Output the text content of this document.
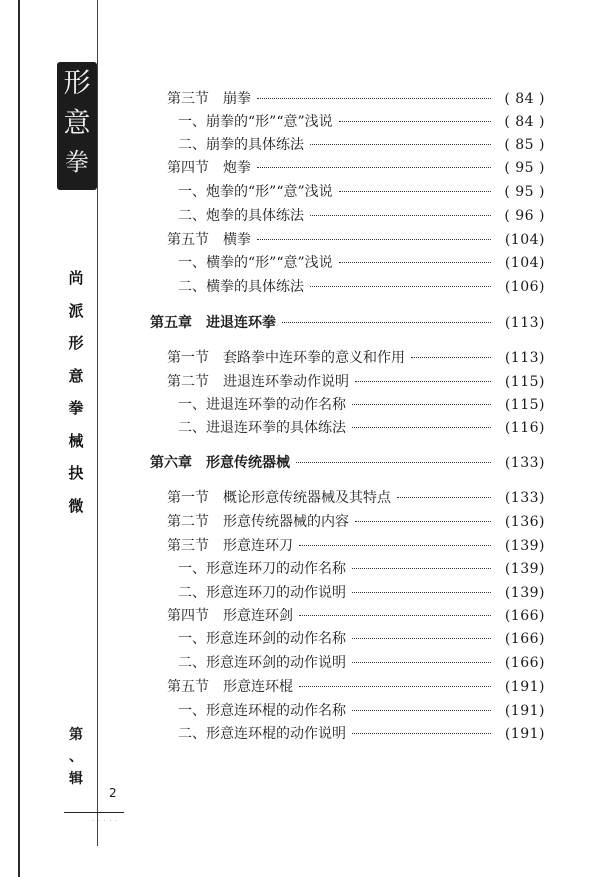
形
意
拳
尚
派
形
意
拳
械
抉
微
第
、
辑
2
· · · · ·
第三节　崩拳	( 84 )
一、崩拳的“形”“意”浅说	( 84 )
二、崩拳的具体练法	( 85 )
第四节　炮拳	( 95 )
一、炮拳的“形”“意”浅说	( 95 )
二、炮拳的具体练法	( 96 )
第五节　横拳	(104)
一、横拳的“形”“意”浅说	(104)
二、横拳的具体练法	(106)
第五章　进退连环拳	(113)
第一节　套路拳中连环拳的意义和作用	(113)
第二节　进退连环拳动作说明	(115)
一、进退连环拳的动作名称	(115)
二、进退连环拳的具体练法	(116)
第六章　形意传统器械	(133)
第一节　概论形意传统器械及其特点	(133)
第二节　形意传统器械的内容	(136)
第三节　形意连环刀	(139)
一、形意连环刀的动作名称	(139)
二、形意连环刀的动作说明	(139)
第四节　形意连环剑	(166)
一、形意连环剑的动作名称	(166)
二、形意连环剑的动作说明	(166)
第五节　形意连环棍	(191)
一、形意连环棍的动作名称	(191)
二、形意连环棍的动作说明	(191)
